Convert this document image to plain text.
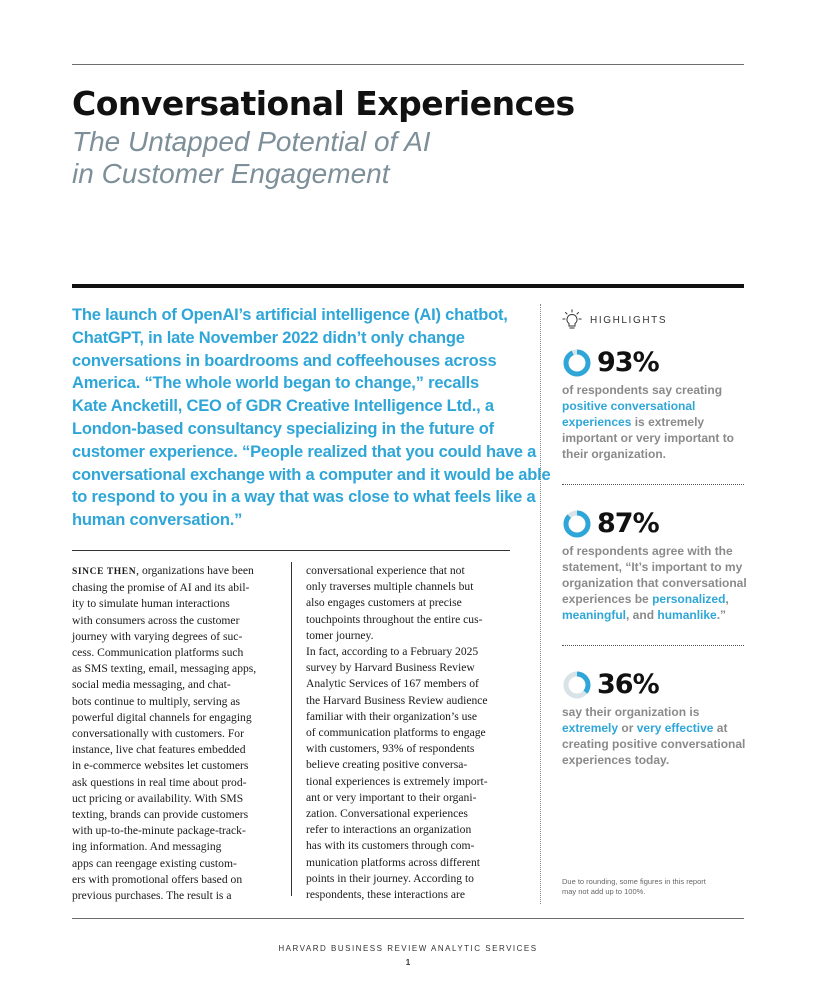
Conversational Experiences
The Untapped Potential of AI
in Customer Engagement
The launch of OpenAI’s artificial intelligence (AI) chatbot,
ChatGPT, in late November 2022 didn’t only change
conversations in boardrooms and coffeehouses across
America. “The whole world began to change,” recalls
Kate Ancketill, CEO of GDR Creative Intelligence Ltd., a
London-based consultancy specializing in the future of
customer experience. “People realized that you could have a
conversational exchange with a computer and it would be able
to respond to you in a way that was close to what feels like a
human conversation.”
SINCE THEN, organizations have been
chasing the promise of AI and its abil-
ity to simulate human interactions
with consumers across the customer
journey with varying degrees of suc-
cess. Communication platforms such
as SMS texting, email, messaging apps,
social media messaging, and chat-
bots continue to multiply, serving as
powerful digital channels for engaging
conversationally with customers. For
instance, live chat features embedded
in e-commerce websites let customers
ask questions in real time about prod-
uct pricing or availability. With SMS
texting, brands can provide customers
with up-to-the-minute package-track-
ing information. And messaging
apps can reengage existing custom-
ers with promotional offers based on
previous purchases. The result is a
conversational experience that not
only traverses multiple channels but
also engages customers at precise
touchpoints throughout the entire cus-
tomer journey.
In fact, according to a February 2025
survey by Harvard Business Review
Analytic Services of 167 members of
the Harvard Business Review audience
familiar with their organization’s use
of communication platforms to engage
with customers, 93% of respondents
believe creating positive conversa-
tional experiences is extremely import-
ant or very important to their organi-
zation. Conversational experiences
refer to interactions an organization
has with its customers through com-
munication platforms across different
points in their journey. According to
respondents, these interactions are
HIGHLIGHTS
93%
of respondents say creating
positive conversational
experiences is extremely
important or very important to
their organization.
87%
of respondents agree with the
statement, “It’s important to my
organization that conversational
experiences be personalized,
meaningful, and humanlike.”
36%
say their organization is
extremely or very effective at
creating positive conversational
experiences today.
Due to rounding, some figures in this report
may not add up to 100%.
HARVARD BUSINESS REVIEW ANALYTIC SERVICES
1
